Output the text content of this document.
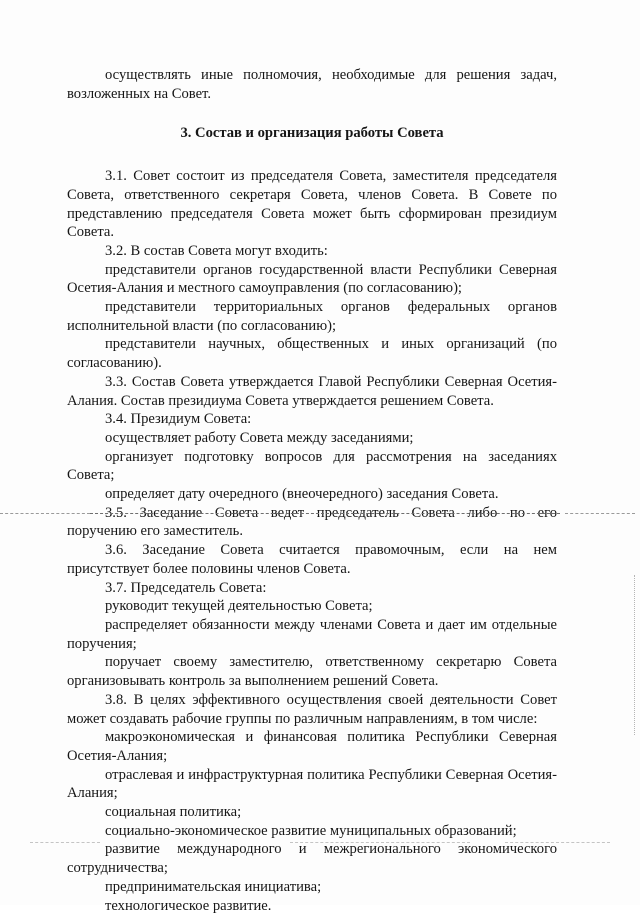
осуществлять иные полномочия, необходимые для решения задач, возложенных на Совет.

3. Состав и организация работы Совета

3.1. Совет состоит из председателя Совета, заместителя председателя Совета, ответственного секретаря Совета, членов Совета. В Совете по представлению председателя Совета может быть сформирован президиум Совета.

3.2. В состав Совета могут входить:

представители органов государственной власти Республики Северная Осетия-Алания и местного самоуправления (по согласованию);

представители территориальных органов федеральных органов исполнительной власти (по согласованию);

представители научных, общественных и иных организаций (по согласованию).

3.3. Состав Совета утверждается Главой Республики Северная Осетия-Алания. Состав президиума Совета утверждается решением Совета.

3.4. Президиум Совета:

осуществляет работу Совета между заседаниями;

организует подготовку вопросов для рассмотрения на заседаниях Совета;

определяет дату очередного (внеочередного) заседания Совета.

3.5. Заседание Совета ведет председатель Совета либо по его поручению его заместитель.

3.6. Заседание Совета считается правомочным, если на нем присутствует более половины членов Совета.

3.7. Председатель Совета:

руководит текущей деятельностью Совета;

распределяет обязанности между членами Совета и дает им отдельные поручения;

поручает своему заместителю, ответственному секретарю Совета организовывать контроль за выполнением решений Совета.

3.8. В целях эффективного осуществления своей деятельности Совет может создавать рабочие группы по различным направлениям, в том числе:

макроэкономическая и финансовая политика Республики Северная Осетия-Алания;

отраслевая и инфраструктурная политика Республики Северная Осетия-Алания;

социальная политика;

социально-экономическое развитие муниципальных образований;

развитие международного и межрегионального экономического сотрудничества;

предпринимательская инициатива;

технологическое развитие.
